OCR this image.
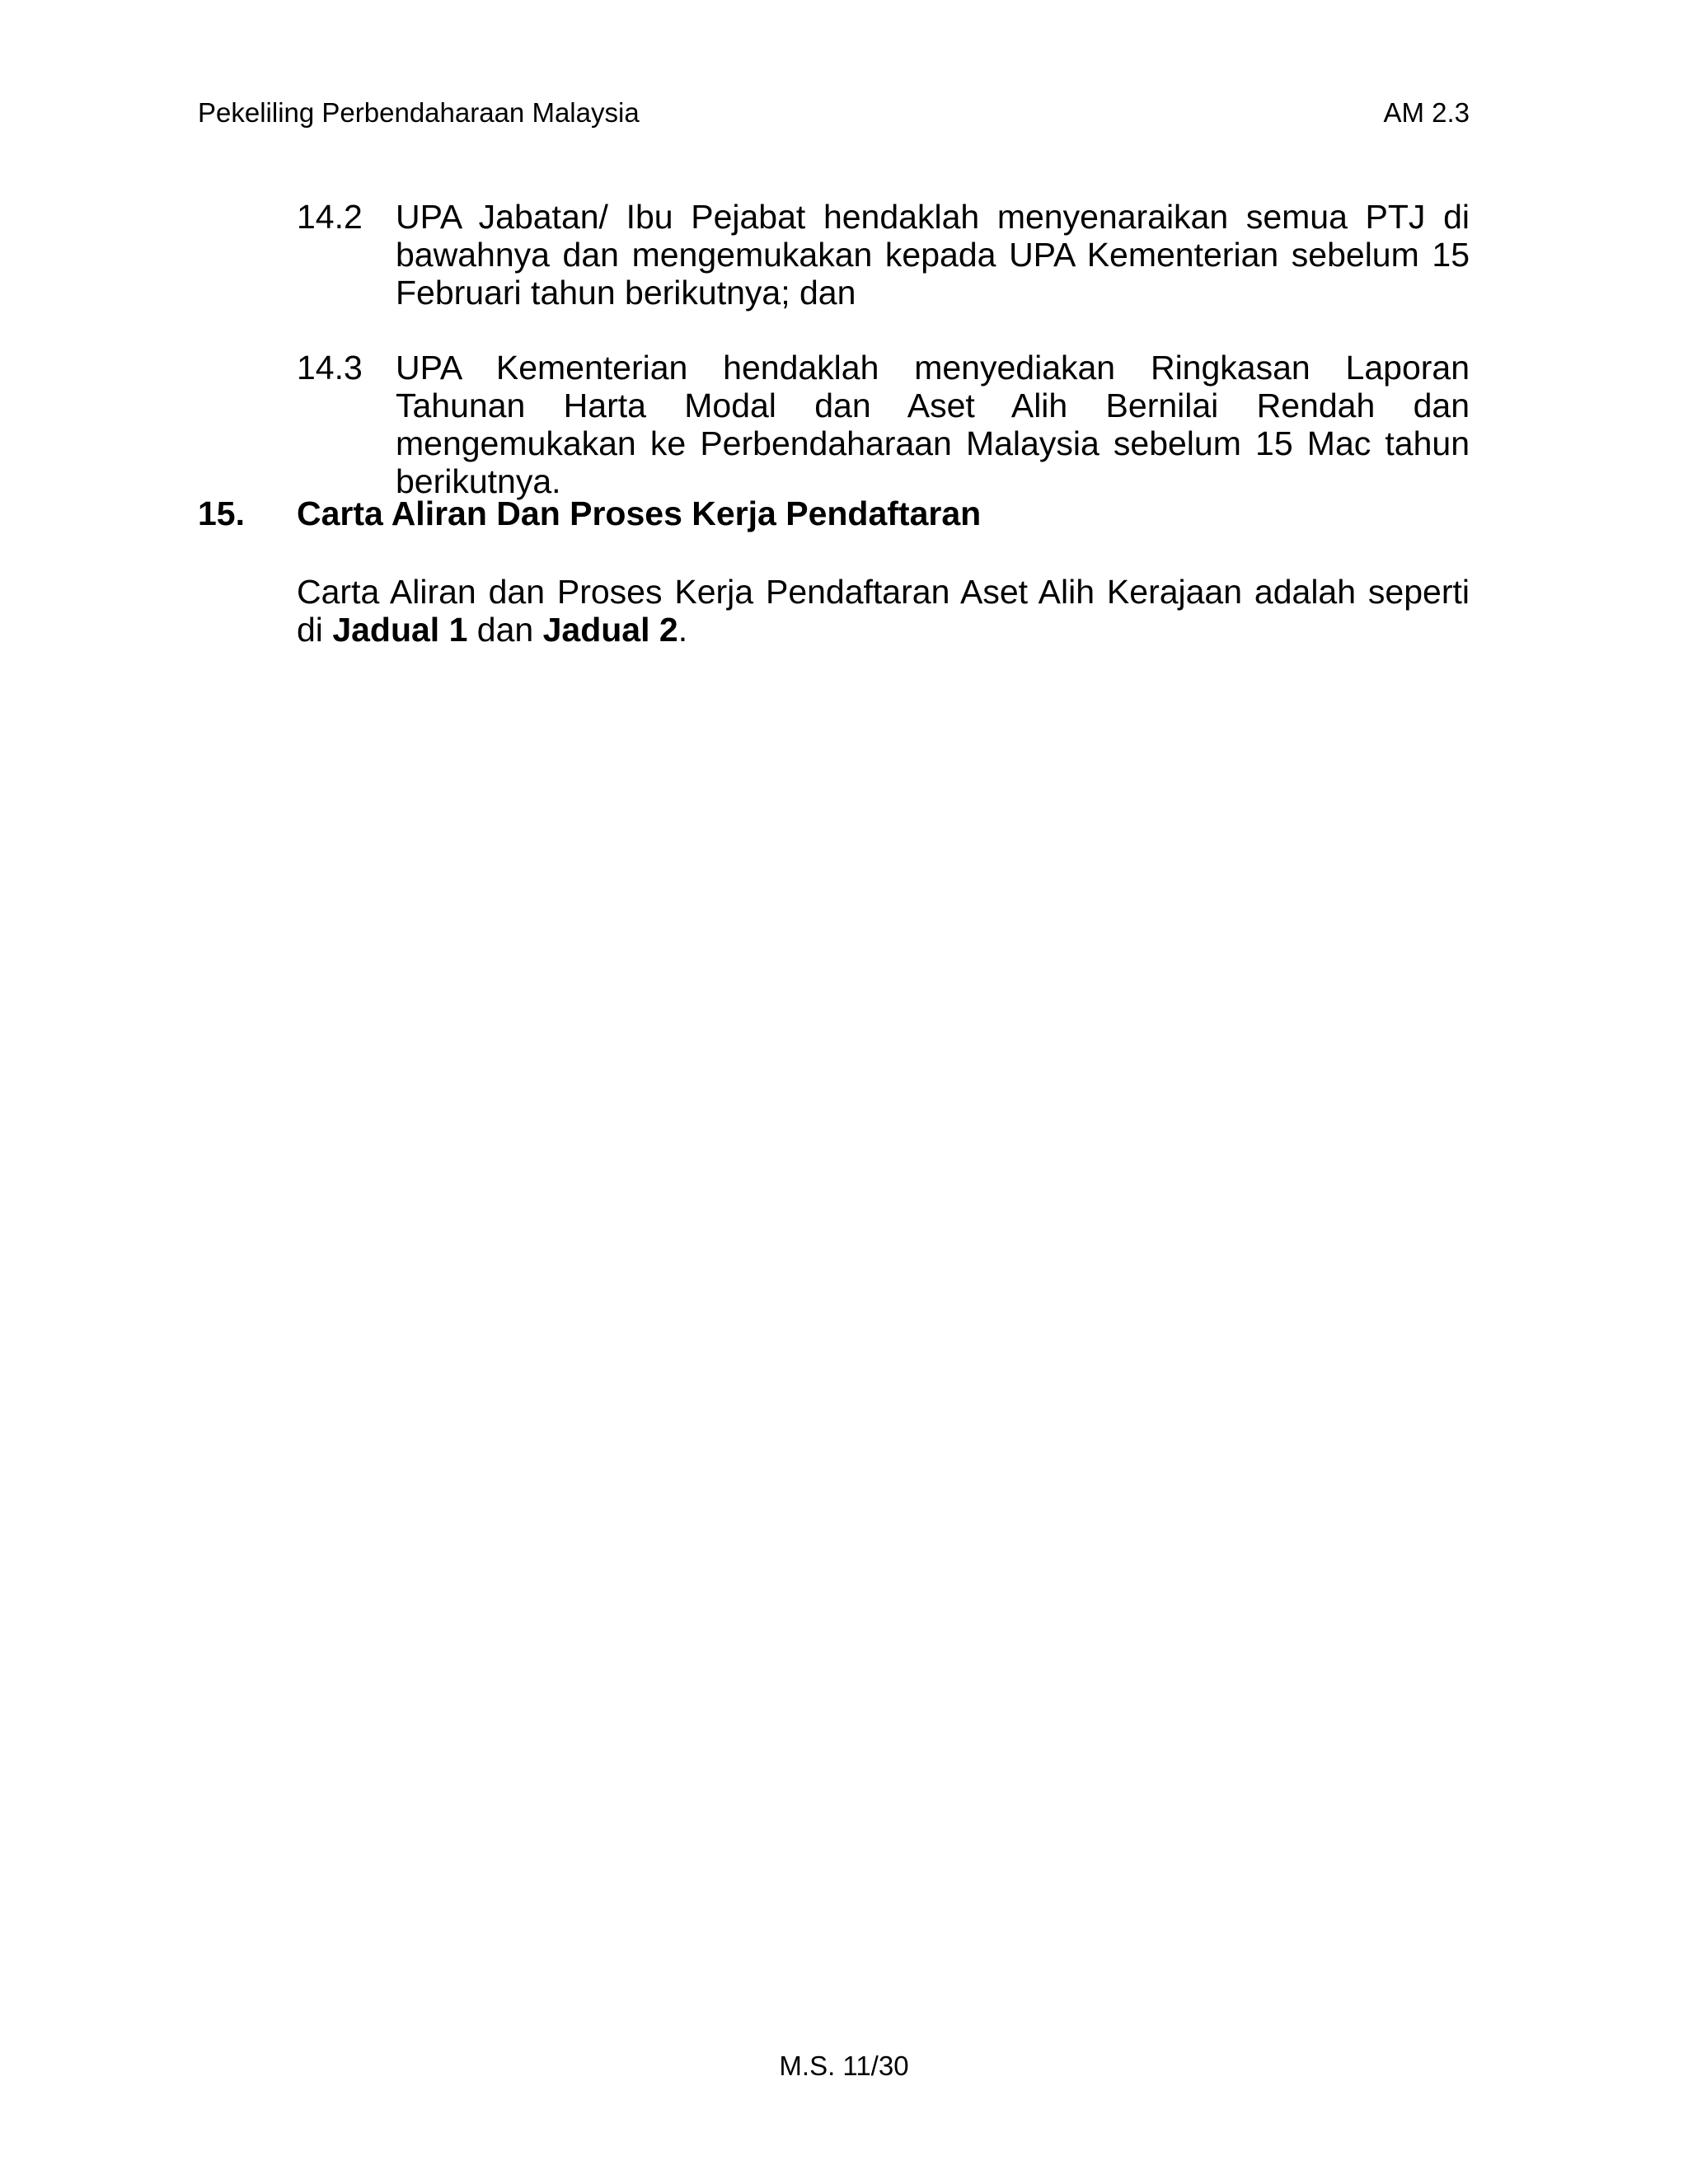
Pekeliling Perbendaharaan Malaysia	AM 2.3
14.2 UPA Jabatan/ Ibu Pejabat hendaklah menyenaraikan semua PTJ di bawahnya dan mengemukakan kepada UPA Kementerian sebelum 15 Februari tahun berikutnya; dan
14.3 UPA Kementerian hendaklah menyediakan Ringkasan Laporan Tahunan Harta Modal dan Aset Alih Bernilai Rendah dan mengemukakan ke Perbendaharaan Malaysia sebelum 15 Mac tahun berikutnya.
15. Carta Aliran Dan Proses Kerja Pendaftaran
Carta Aliran dan Proses Kerja Pendaftaran Aset Alih Kerajaan adalah seperti di Jadual 1 dan Jadual 2.
M.S. 11/30
